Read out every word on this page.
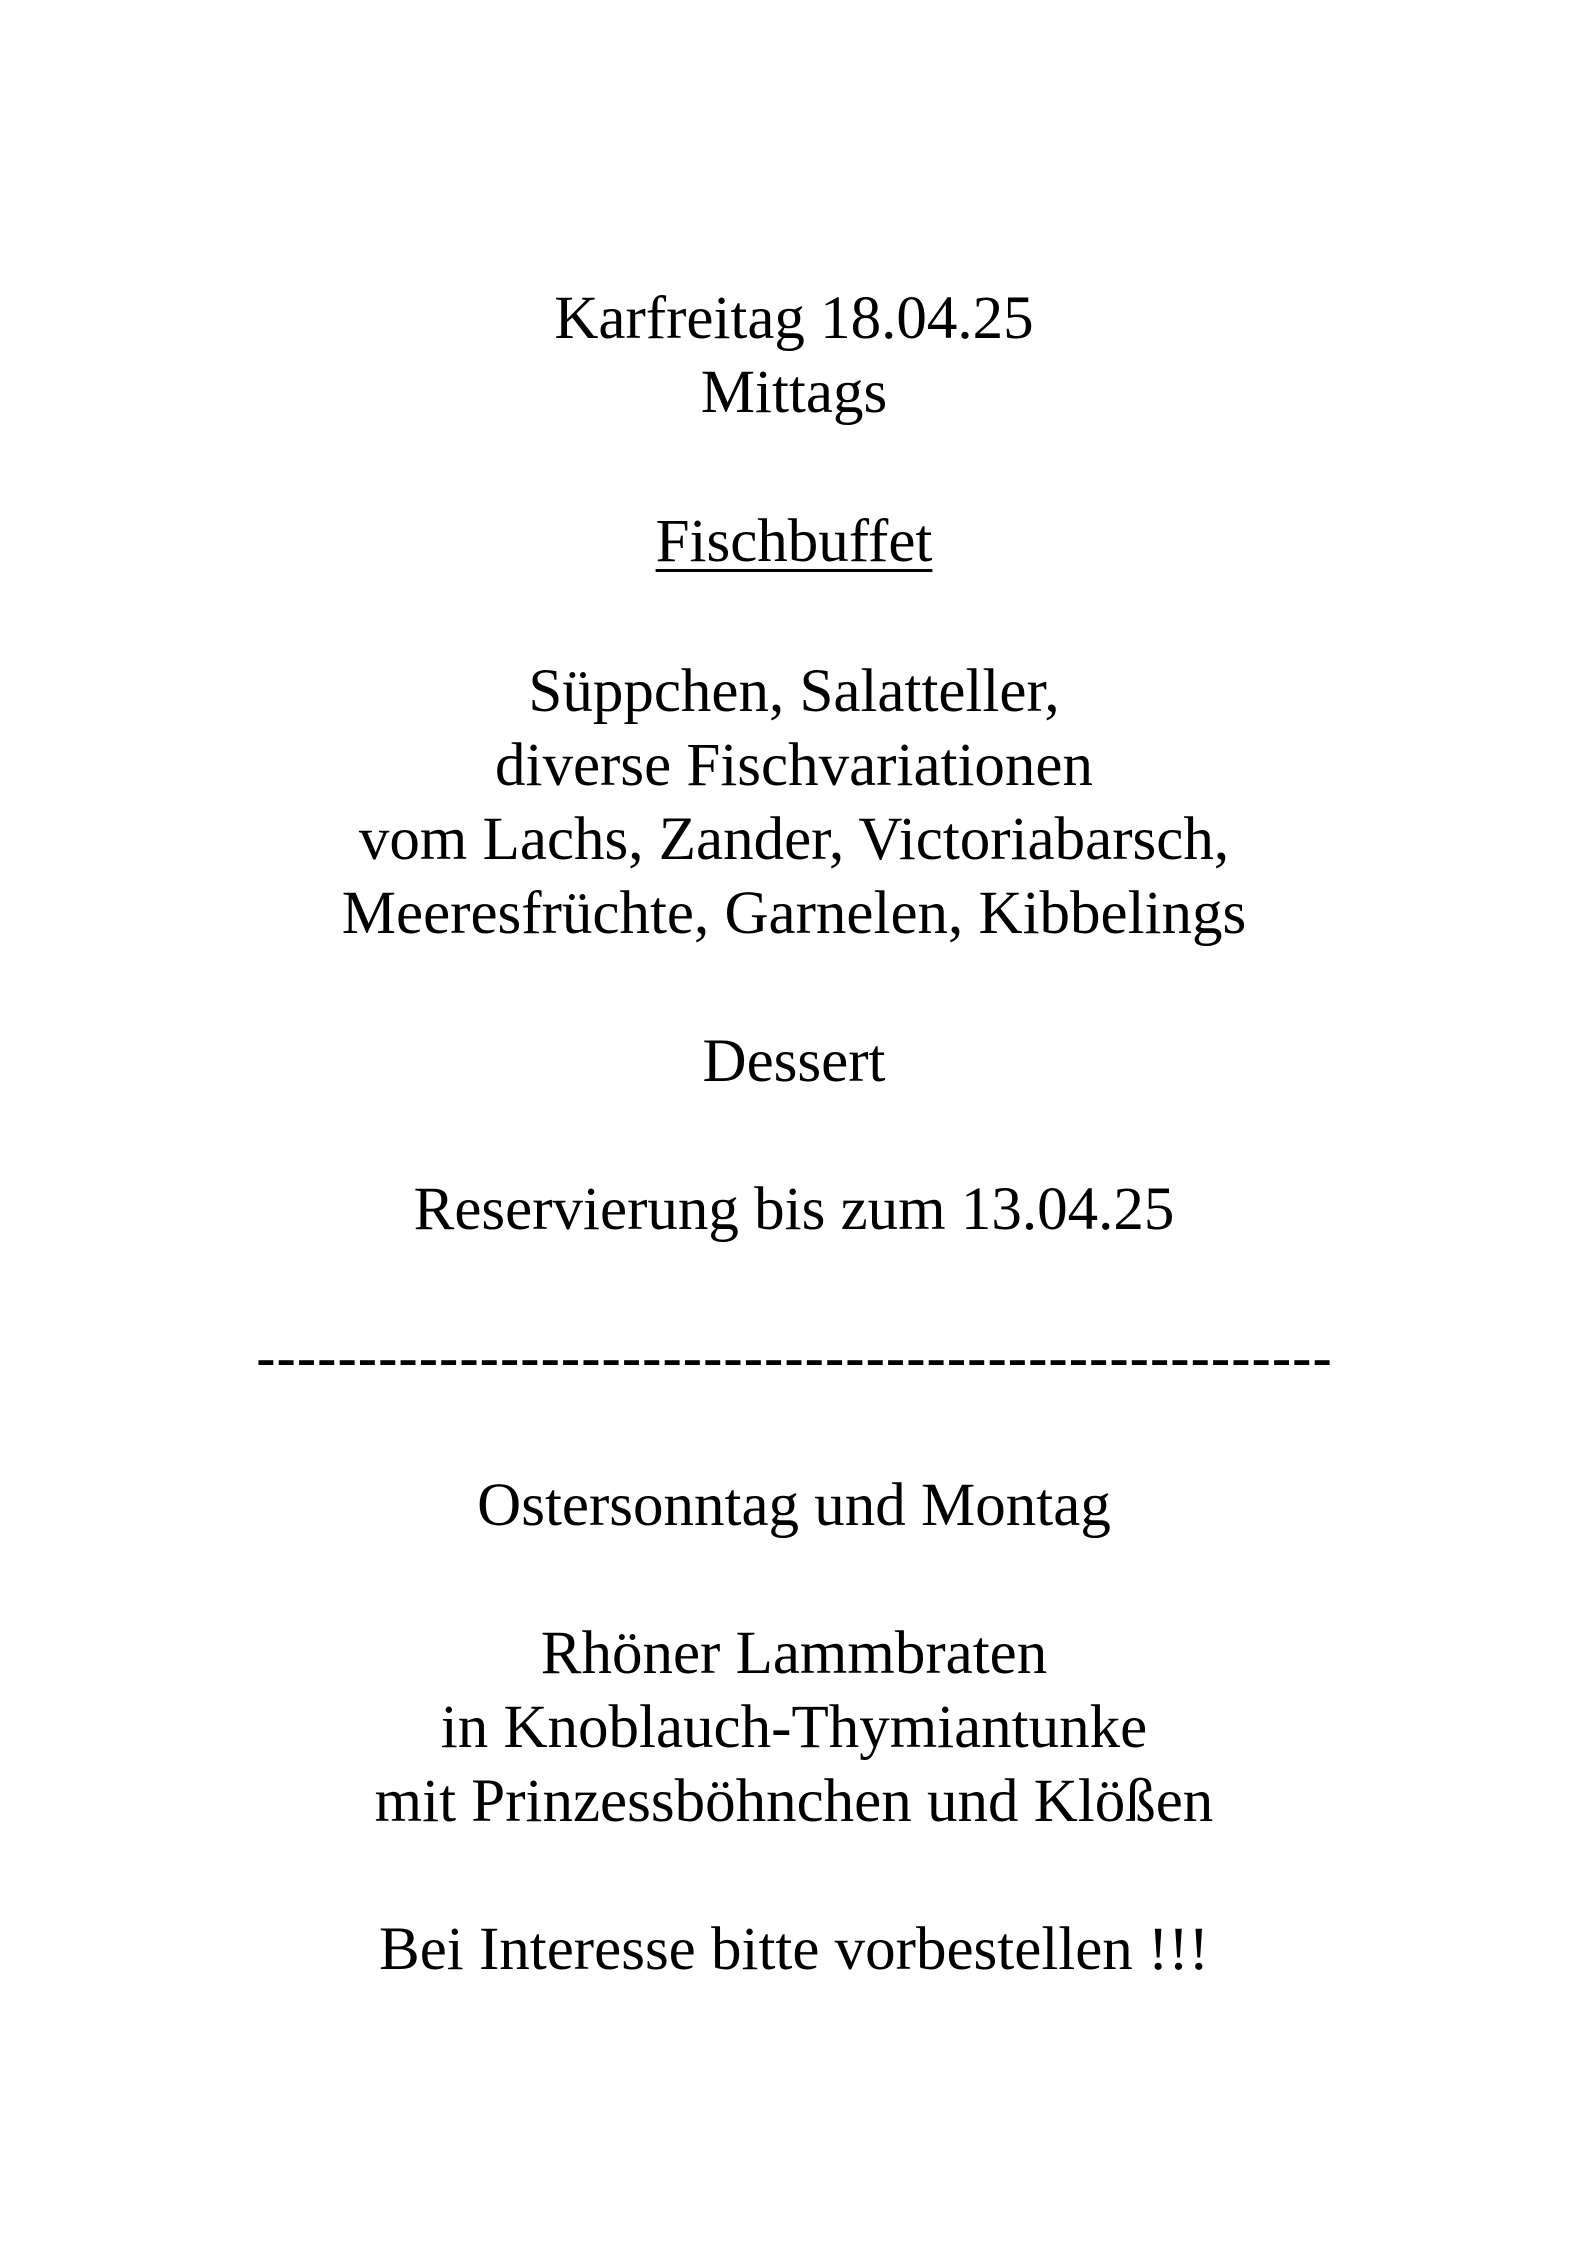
Karfreitag 18.04.25
Mittags
Fischbuffet
Süppchen, Salatteller,
diverse Fischvariationen
vom Lachs, Zander, Victoriabarsch,
Meeresfrüchte, Garnelen, Kibbelings
Dessert
Reservierung bis zum 13.04.25
-----------------------------------------------------
Ostersonntag und Montag
Rhöner Lammbraten
in Knoblauch-Thymiantunke
mit Prinzessböhnchen und Klößen
Bei Interesse bitte vorbestellen !!!
